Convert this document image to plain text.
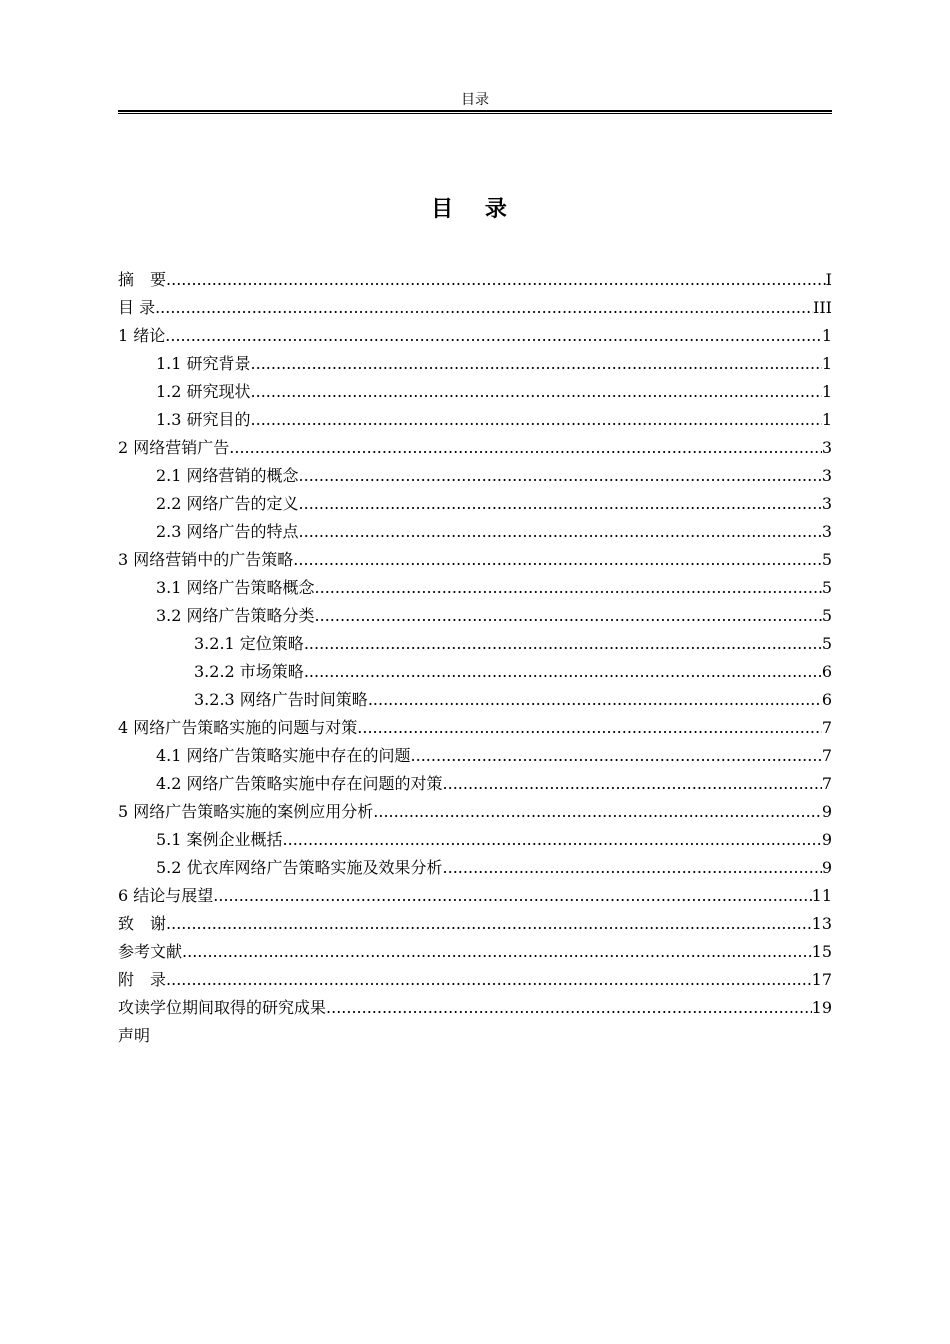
目录
目 录
摘　要 .....	I
目 录 .....	III
1 绪论 .....	1
1.1 研究背景 .....	1
1.2 研究现状 .....	1
1.3 研究目的 .....	1
2 网络营销广告 .....	3
2.1 网络营销的概念 .....	3
2.2 网络广告的定义 .....	3
2.3 网络广告的特点 .....	3
3 网络营销中的广告策略 .....	5
3.1 网络广告策略概念 .....	5
3.2 网络广告策略分类 .....	5
3.2.1 定位策略 .....	5
3.2.2 市场策略 .....	6
3.2.3 网络广告时间策略 .....	6
4 网络广告策略实施的问题与对策 .....	7
4.1 网络广告策略实施中存在的问题 .....	7
4.2 网络广告策略实施中存在问题的对策 .....	7
5 网络广告策略实施的案例应用分析 .....	9
5.1 案例企业概括 .....	9
5.2 优衣库网络广告策略实施及效果分析 .....	9
6 结论与展望 .....	11
致　谢 .....	13
参考文献 .....	15
附　录 .....	17
攻读学位期间取得的研究成果 .....	19
声明
